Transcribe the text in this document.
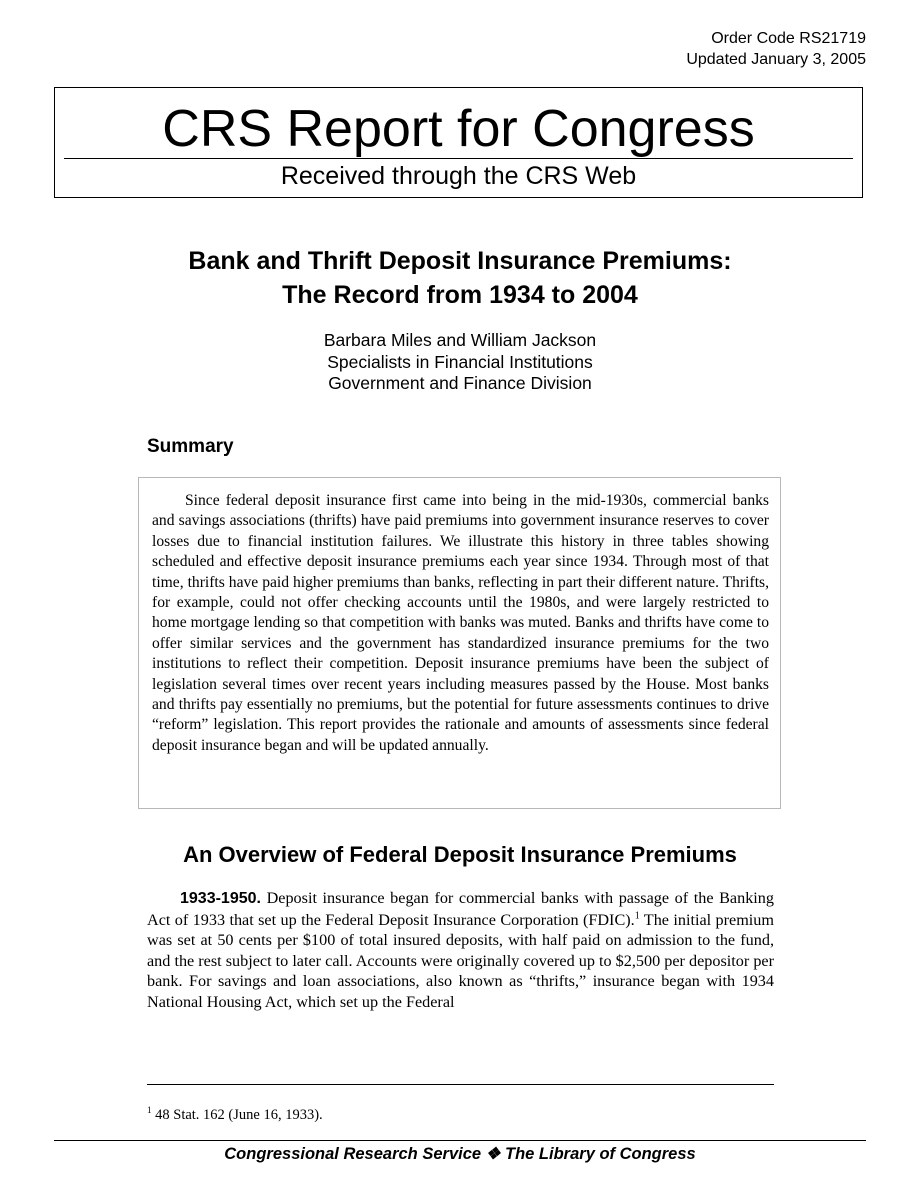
Order Code RS21719
Updated January 3, 2005
CRS Report for Congress
Received through the CRS Web
Bank and Thrift Deposit Insurance Premiums:
The Record from 1934 to 2004
Barbara Miles and William Jackson
Specialists in Financial Institutions
Government and Finance Division
Summary

Since federal deposit insurance first came into being in the mid-1930s, commercial banks and savings associations (thrifts) have paid premiums into government insurance reserves to cover losses due to financial institution failures. We illustrate this history in three tables showing scheduled and effective deposit insurance premiums each year since 1934. Through most of that time, thrifts have paid higher premiums than banks, reflecting in part their different nature. Thrifts, for example, could not offer checking accounts until the 1980s, and were largely restricted to home mortgage lending so that competition with banks was muted. Banks and thrifts have come to offer similar services and the government has standardized insurance premiums for the two institutions to reflect their competition. Deposit insurance premiums have been the subject of legislation several times over recent years including measures passed by the House. Most banks and thrifts pay essentially no premiums, but the potential for future assessments continues to drive “reform” legislation. This report provides the rationale and amounts of assessments since federal deposit insurance began and will be updated annually.

An Overview of Federal Deposit Insurance Premiums

1933-1950. Deposit insurance began for commercial banks with passage of the Banking Act of 1933 that set up the Federal Deposit Insurance Corporation (FDIC).$^1$ The initial premium was set at 50 cents per $100 of total insured deposits, with half paid on admission to the fund, and the rest subject to later call. Accounts were originally covered up to $2,500 per depositor per bank. For savings and loan associations, also known as “thrifts,” insurance began with 1934 National Housing Act, which set up the Federal

$^1$ 48 Stat. 162 (June 16, 1933).
Congressional Research Service ❖ The Library of Congress
